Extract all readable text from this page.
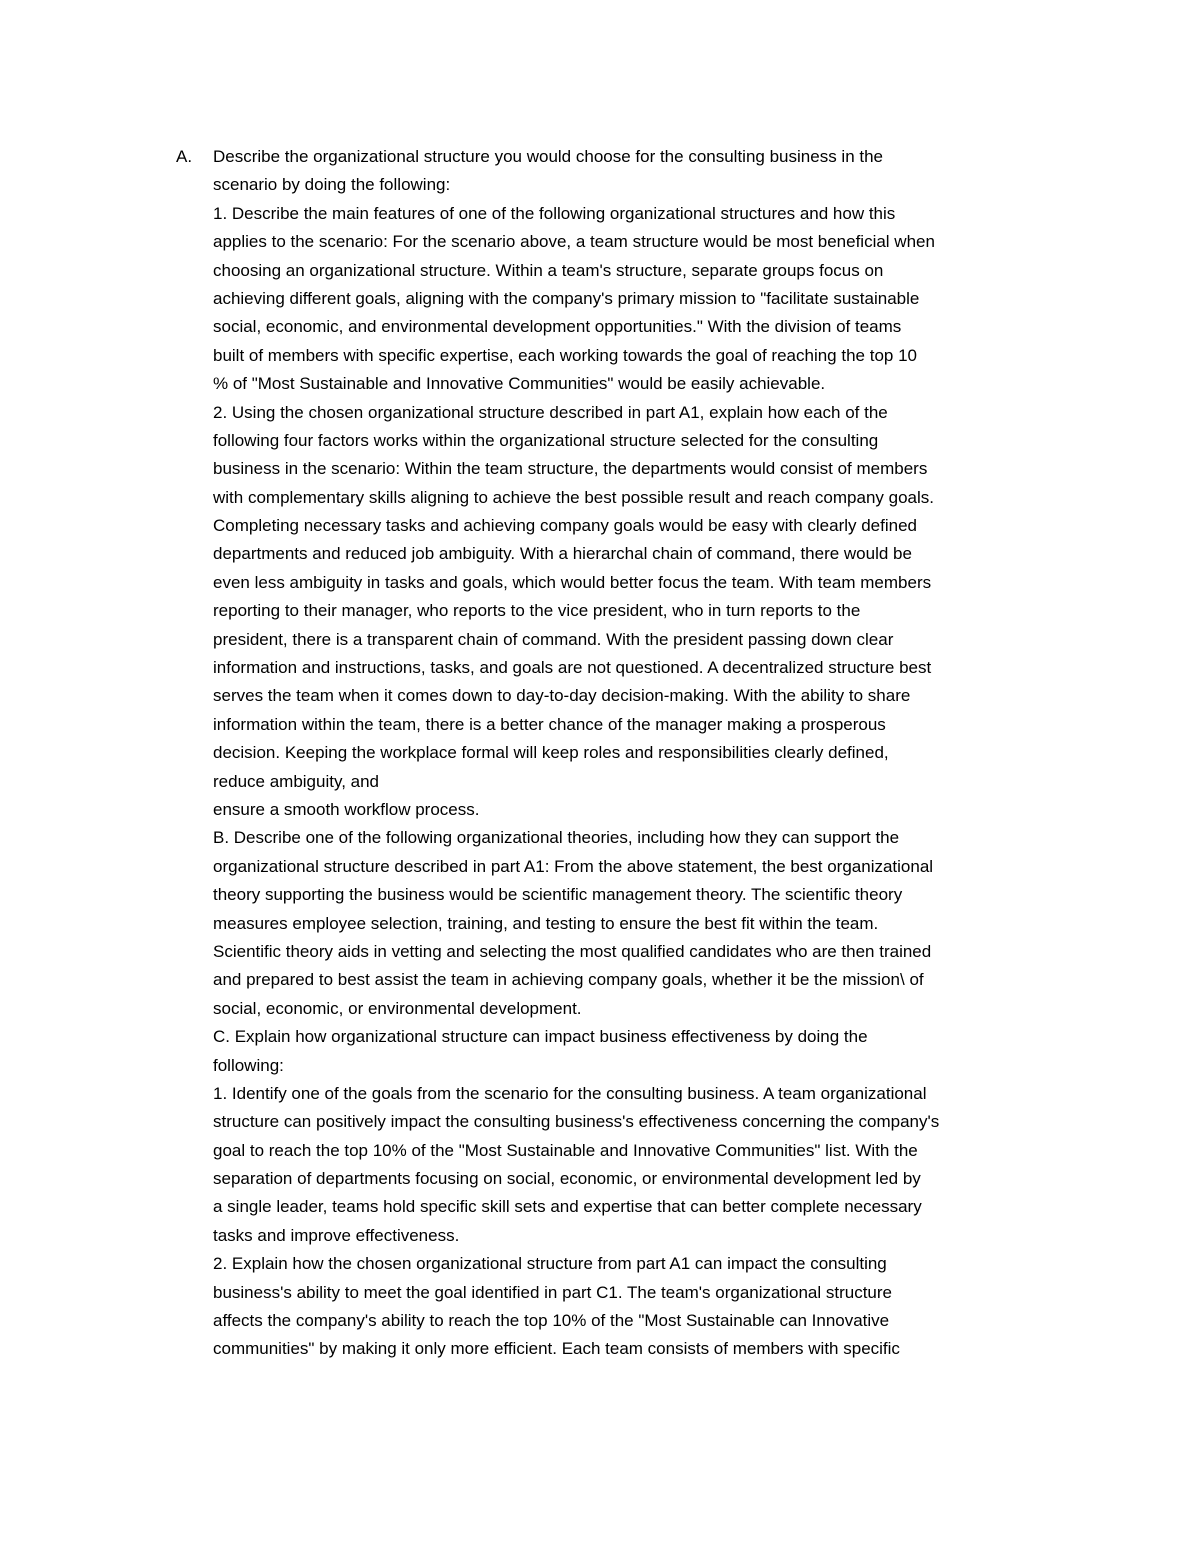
A.	Describe the organizational structure you would choose for the consulting business in the
scenario by doing the following:
1. Describe the main features of one of the following organizational structures and how this
applies to the scenario: For the scenario above, a team structure would be most beneficial when
choosing an organizational structure. Within a team's structure, separate groups focus on
achieving different goals, aligning with the company's primary mission to "facilitate sustainable
social, economic, and environmental development opportunities." With the division of teams
built of members with specific expertise, each working towards the goal of reaching the top 10
% of "Most Sustainable and Innovative Communities" would be easily achievable.
2. Using the chosen organizational structure described in part A1, explain how each of the
following four factors works within the organizational structure selected for the consulting
business in the scenario: Within the team structure, the departments would consist of members
with complementary skills aligning to achieve the best possible result and reach company goals.
Completing necessary tasks and achieving company goals would be easy with clearly defined
departments and reduced job ambiguity. With a hierarchal chain of command, there would be
even less ambiguity in tasks and goals, which would better focus the team. With team members
reporting to their manager, who reports to the vice president, who in turn reports to the
president, there is a transparent chain of command. With the president passing down clear
information and instructions, tasks, and goals are not questioned. A decentralized structure best
serves the team when it comes down to day-to-day decision-making. With the ability to share
information within the team, there is a better chance of the manager making a prosperous
decision. Keeping the workplace formal will keep roles and responsibilities clearly defined,
reduce ambiguity, and
ensure a smooth workflow process.
B. Describe one of the following organizational theories, including how they can support the
organizational structure described in part A1: From the above statement, the best organizational
theory supporting the business would be scientific management theory. The scientific theory
measures employee selection, training, and testing to ensure the best fit within the team.
Scientific theory aids in vetting and selecting the most qualified candidates who are then trained
and prepared to best assist the team in achieving company goals, whether it be the mission\ of
social, economic, or environmental development.
C. Explain how organizational structure can impact business effectiveness by doing the
following:
1. Identify one of the goals from the scenario for the consulting business. A team organizational
structure can positively impact the consulting business's effectiveness concerning the company's
goal to reach the top 10% of the "Most Sustainable and Innovative Communities" list. With the
separation of departments focusing on social, economic, or environmental development led by
a single leader, teams hold specific skill sets and expertise that can better complete necessary
tasks and improve effectiveness.
2. Explain how the chosen organizational structure from part A1 can impact the consulting
business's ability to meet the goal identified in part C1. The team's organizational structure
affects the company's ability to reach the top 10% of the "Most Sustainable can Innovative
communities" by making it only more efficient. Each team consists of members with specific
